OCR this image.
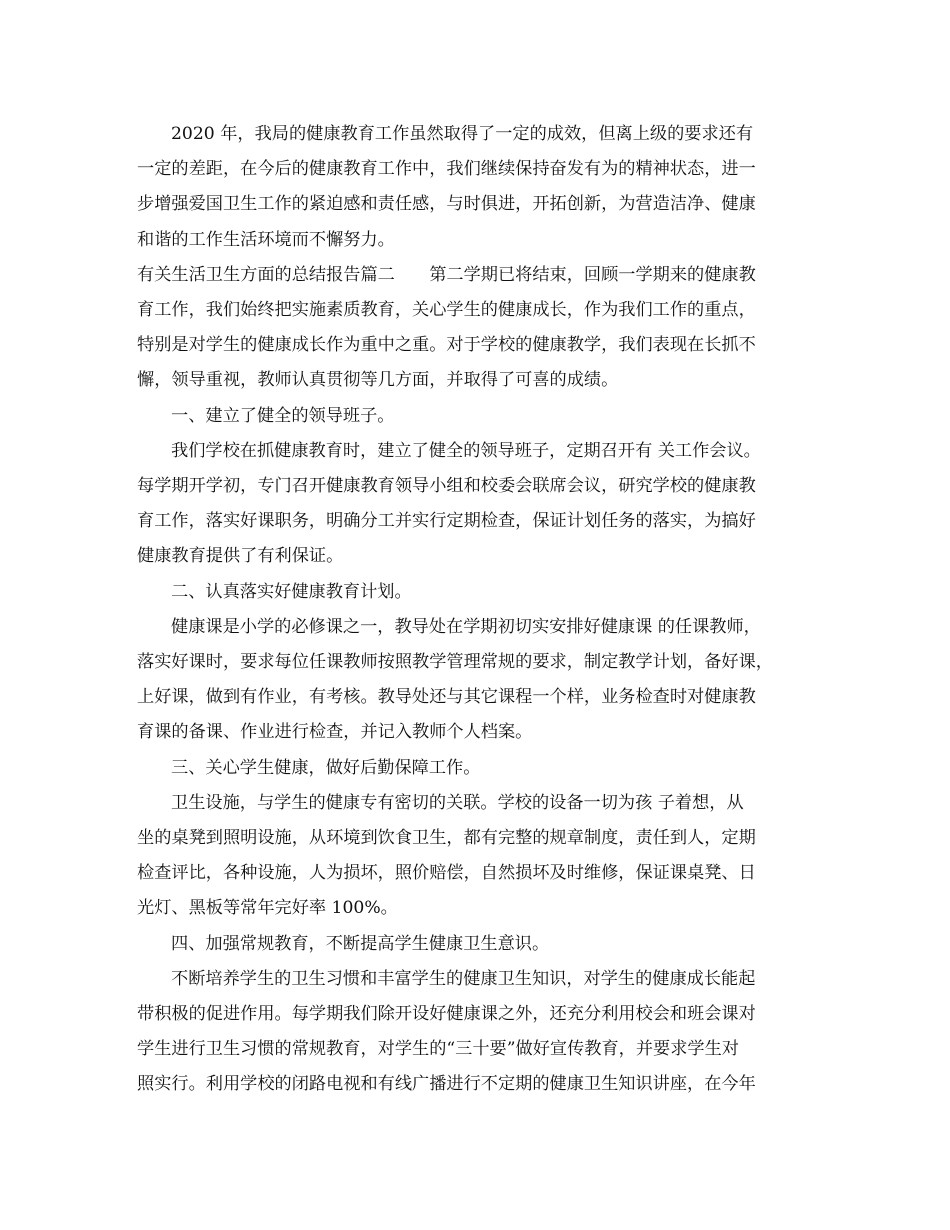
2020 年，我局的健康教育工作虽然取得了一定的成效，但离上级的要求还有
一定的差距，在今后的健康教育工作中，我们继续保持奋发有为的精神状态，进一
步增强爱国卫生工作的紧迫感和责任感，与时俱进，开拓创新，为营造洁净、健康
和谐的工作生活环境而不懈努力。
有关生活卫生方面的总结报告篇二　　第二学期已将结束，回顾一学期来的健康教
育工作，我们始终把实施素质教育，关心学生的健康成长，作为我们工作的重点，
特别是对学生的健康成长作为重中之重。对于学校的健康教学，我们表现在长抓不
懈，领导重视，教师认真贯彻等几方面，并取得了可喜的成绩。
一、建立了健全的领导班子。
我们学校在抓健康教育时，建立了健全的领导班子，定期召开有 关工作会议。
每学期开学初，专门召开健康教育领导小组和校委会联席会议，研究学校的健康教
育工作，落实好课职务，明确分工并实行定期检查，保证计划任务的落实，为搞好
健康教育提供了有利保证。
二、认真落实好健康教育计划。
健康课是小学的必修课之一，教导处在学期初切实安排好健康课 的任课教师，
落实好课时，要求每位任课教师按照教学管理常规的要求，制定教学计划，备好课，
上好课，做到有作业，有考核。教导处还与其它课程一个样，业务检查时对健康教
育课的备课、作业进行检查，并记入教师个人档案。
三、关心学生健康，做好后勤保障工作。
卫生设施，与学生的健康专有密切的关联。学校的设备一切为孩 子着想，从
坐的桌凳到照明设施，从环境到饮食卫生，都有完整的规章制度，责任到人，定期
检查评比，各种设施，人为损坏，照价赔偿，自然损坏及时维修，保证课桌凳、日
光灯、黑板等常年完好率 100%。
四、加强常规教育，不断提高学生健康卫生意识。
不断培养学生的卫生习惯和丰富学生的健康卫生知识，对学生的健康成长能起
带积极的促进作用。每学期我们除开设好健康课之外，还充分利用校会和班会课对
学生进行卫生习惯的常规教育，对学生的“三十要”做好宣传教育，并要求学生对
照实行。利用学校的闭路电视和有线广播进行不定期的健康卫生知识讲座，在今年
